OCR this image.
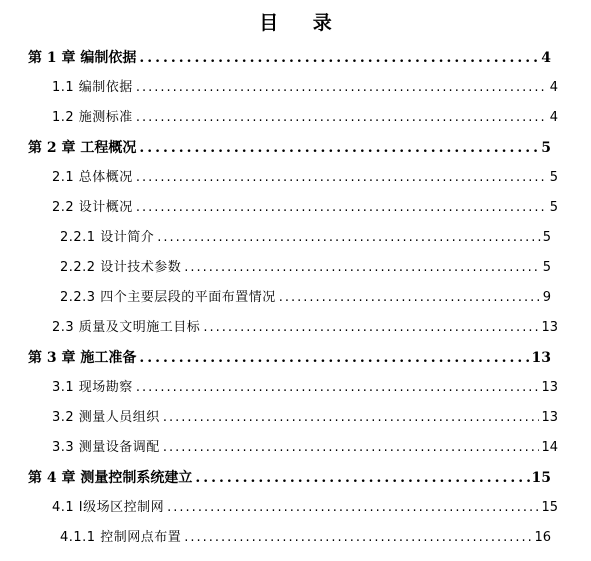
目 录
第 1 章 编制依据 .....	4
1.1 编制依据 .....	4
1.2 施测标准 .....	4
第 2 章 工程概况 .....	5
2.1 总体概况 .....	5
2.2 设计概况 .....	5
2.2.1 设计简介 .....	5
2.2.2 设计技术参数 .....	5
2.2.3 四个主要层段的平面布置情况 .....	9
2.3 质量及文明施工目标 .....	13
第 3 章 施工准备 .....	13
3.1 现场勘察 .....	13
3.2 测量人员组织 .....	13
3.3 测量设备调配 .....	14
第 4 章 测量控制系统建立 .....	15
4.1 Ⅰ级场区控制网 .....	15
4.1.1 控制网点布置 .....	16
